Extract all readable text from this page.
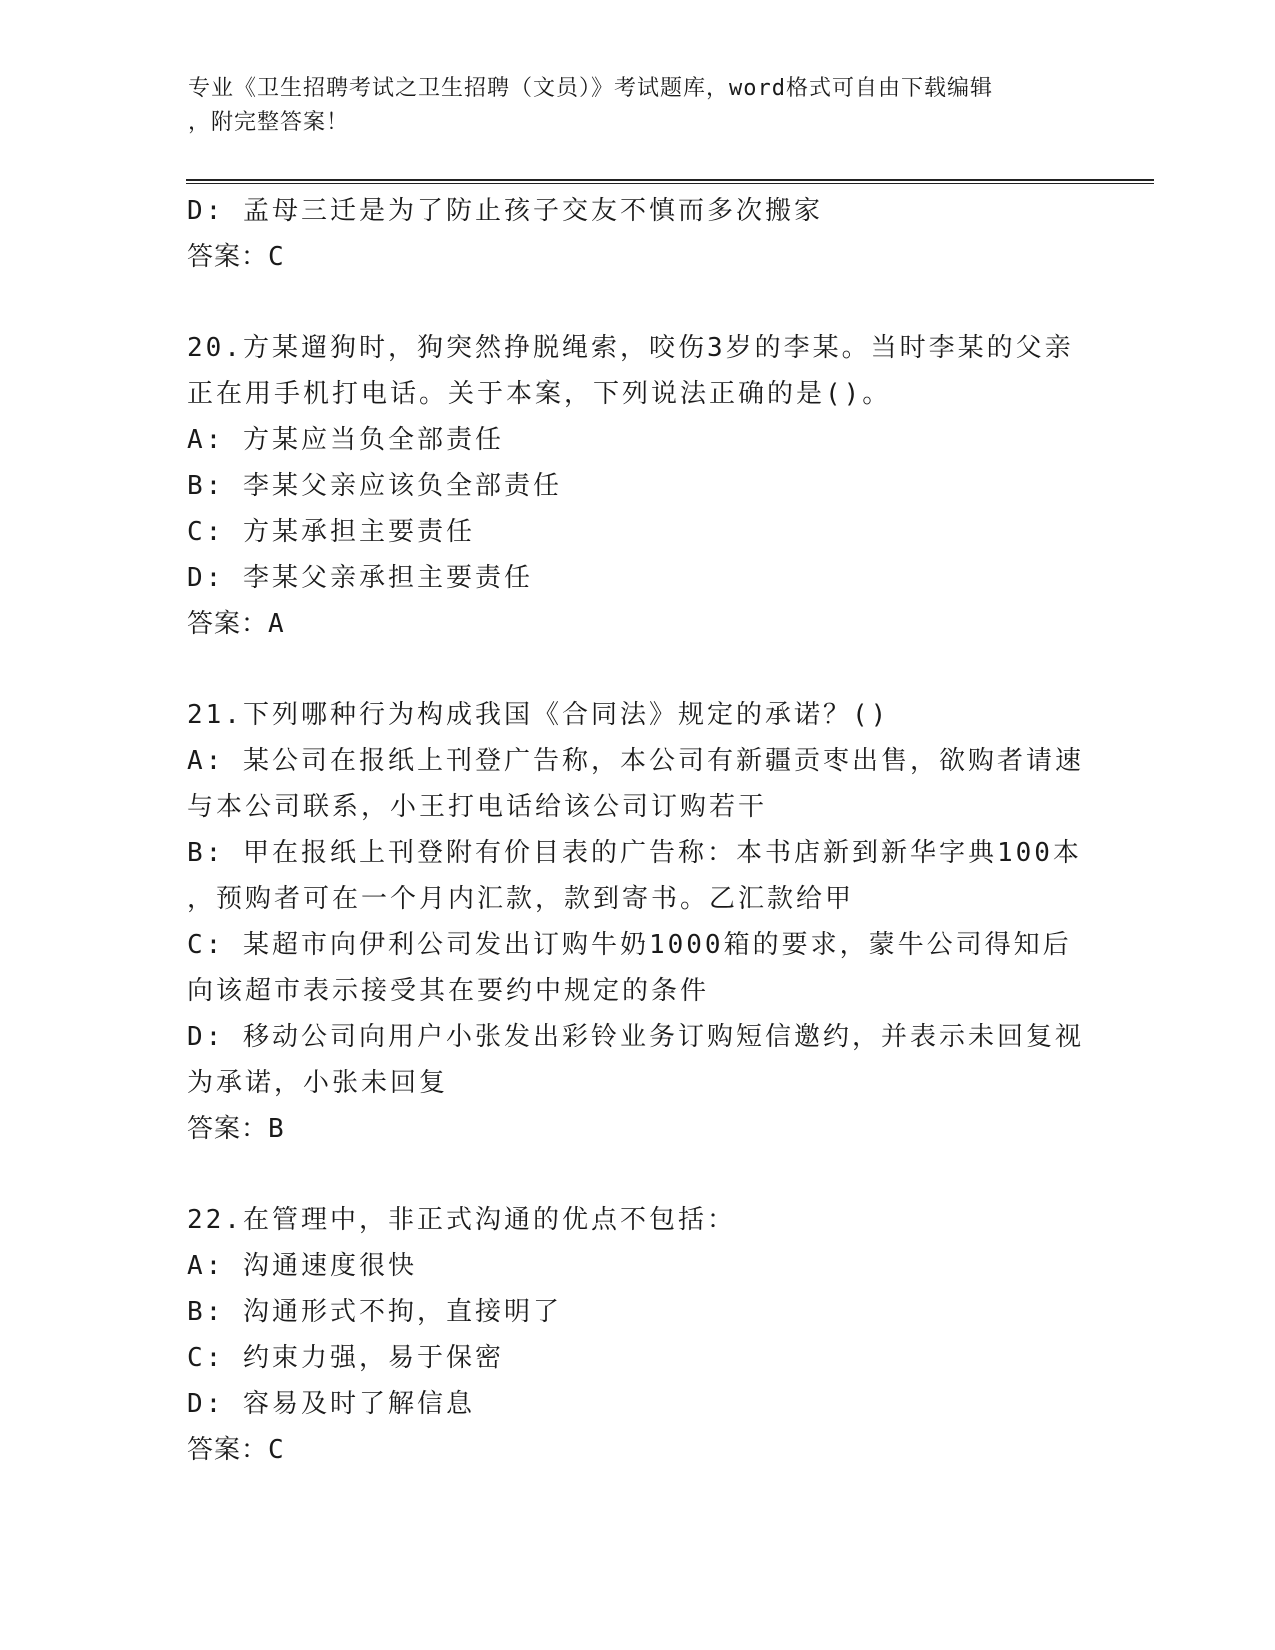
专业《卫生招聘考试之卫生招聘（文员）》考试题库，word格式可自由下载编辑
，附完整答案！
D: 孟母三迁是为了防止孩子交友不慎而多次搬家
答案：C
20.方某遛狗时，狗突然挣脱绳索，咬伤3岁的李某。当时李某的父亲
正在用手机打电话。关于本案，下列说法正确的是()。
A: 方某应当负全部责任
B: 李某父亲应该负全部责任
C: 方某承担主要责任
D: 李某父亲承担主要责任
答案：A
21.下列哪种行为构成我国《合同法》规定的承诺？()
A: 某公司在报纸上刊登广告称，本公司有新疆贡枣出售，欲购者请速
与本公司联系，小王打电话给该公司订购若干
B: 甲在报纸上刊登附有价目表的广告称：本书店新到新华字典100本
，预购者可在一个月内汇款，款到寄书。乙汇款给甲
C: 某超市向伊利公司发出订购牛奶1000箱的要求，蒙牛公司得知后
向该超市表示接受其在要约中规定的条件
D: 移动公司向用户小张发出彩铃业务订购短信邀约，并表示未回复视
为承诺，小张未回复
答案：B
22.在管理中，非正式沟通的优点不包括：
A: 沟通速度很快
B: 沟通形式不拘，直接明了
C: 约束力强，易于保密
D: 容易及时了解信息
答案：C
